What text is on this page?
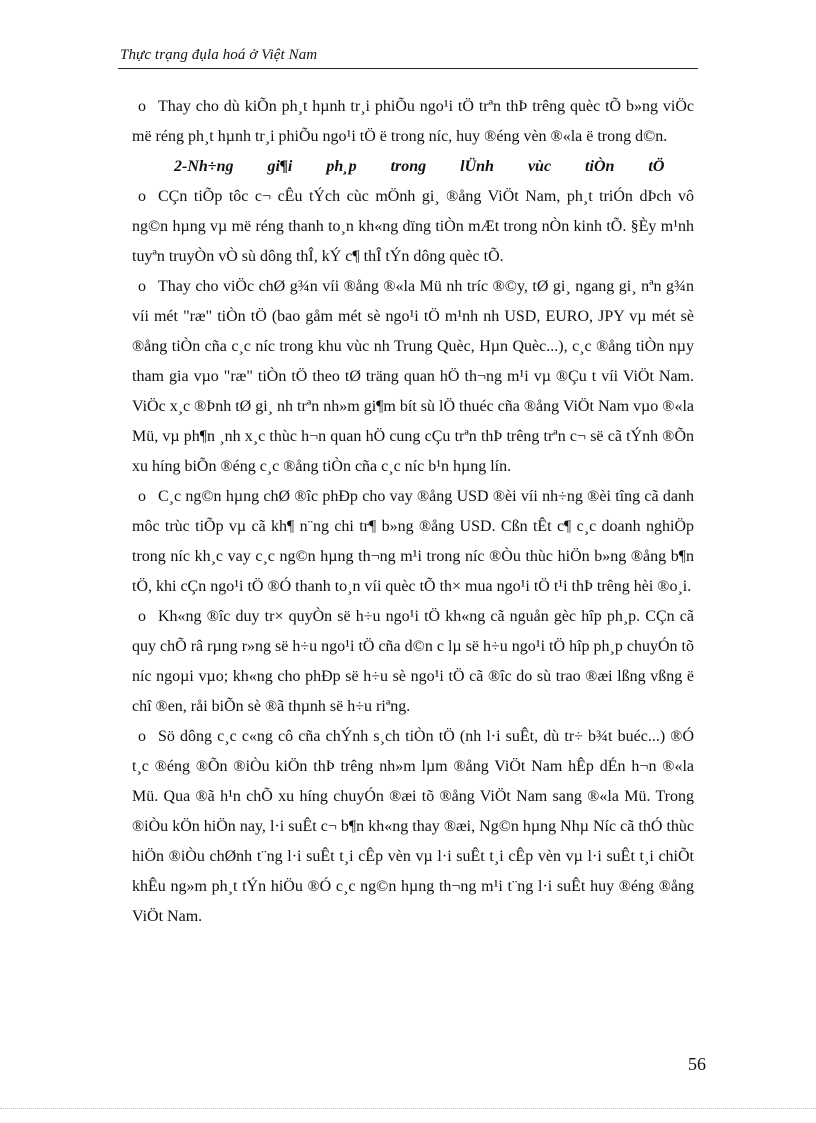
Thực trạng đụla hoá ở Việt Nam

o Thay cho dù kiÕn ph¸t hµnh tr¸i phiÕu ngo¹i tÖ trªn thÞ trêng quèc tÕ b»ng viÖc më réng ph¸t hµnh tr¸i phiÕu ngo¹i tÖ ë trong níc, huy ®éng vèn ®«la ë trong d©n.

2-Nh÷ng gi¶i ph¸p trong lÜnh vùc tiÒn tÖ

o CÇn tiÕp tôc c¬ cÊu tÝch cùc mÖnh gi¸ ®ång ViÖt Nam, ph¸t triÓn dÞch vô ng©n hµng vµ më réng thanh to¸n kh«ng dïng tiÒn mÆt trong nÒn kinh tÕ. §Èy m¹nh tuyªn truyÒn vÒ sù dông thÎ, kÝ c¶ thÎ tÝn dông quèc tÕ.

o Thay cho viÖc chØ g¾n víi ®ång ®«la Mü nh tríc ®©y, tØ gi¸ ngang gi¸ nªn g¾n víi mét "ræ" tiÒn tÖ (bao gåm mét sè ngo¹i tÖ m¹nh nh USD, EURO, JPY vµ mét sè ®ång tiÒn cña c¸c níc trong khu vùc nh Trung Quèc, Hµn Quèc...), c¸c ®ång tiÒn nµy tham gia vµo "ræ" tiÒn tÖ theo tØ träng quan hÖ th¬ng m¹i vµ ®Çu t víi ViÖt Nam. ViÖc x¸c ®Þnh tØ gi¸ nh trªn nh»m gi¶m bít sù lÖ thuéc cña ®ång ViÖt Nam vµo ®«la Mü, vµ ph¶n ¸nh x¸c thùc h¬n quan hÖ cung cÇu trªn thÞ trêng trªn c¬ së cã tÝnh ®Õn xu híng biÕn ®éng c¸c ®ång tiÒn cña c¸c níc b¹n hµng lín.

o C¸c ng©n hµng chØ ®îc phÐp cho vay ®ång USD ®èi víi nh÷ng ®èi tîng cã danh môc trùc tiÕp vµ cã kh¶ n¨ng chi tr¶ b»ng ®ång USD. Cßn tÊt c¶ c¸c doanh nghiÖp trong níc kh¸c vay c¸c ng©n hµng th¬ng m¹i trong níc ®Òu thùc hiÖn b»ng ®ång b¶n tÖ, khi cÇn ngo¹i tÖ ®Ó thanh to¸n víi quèc tÕ th× mua ngo¹i tÖ t¹i thÞ trêng hèi ®o¸i.

o Kh«ng ®îc duy tr× quyÒn së h÷u ngo¹i tÖ kh«ng cã nguån gèc hîp ph¸p. CÇn cã quy chÕ râ rµng r»ng së h÷u ngo¹i tÖ cña d©n c lµ së h÷u ngo¹i tÖ hîp ph¸p chuyÓn tõ níc ngoµi vµo; kh«ng cho phÐp së h÷u sè ngo¹i tÖ cã ®îc do sù trao ®æi lßng vßng ë chî ®en, råi biÕn sè ®ã thµnh së h÷u riªng.

o Sö dông c¸c c«ng cô cña chÝnh s¸ch tiÒn tÖ (nh l·i suÊt, dù tr÷ b¾t buéc...) ®Ó t¸c ®éng ®Õn ®iÒu kiÖn thÞ trêng nh»m lµm ®ång ViÖt Nam hÊp dÉn h¬n ®«la Mü. Qua ®ã h¹n chÕ xu híng chuyÓn ®æi tõ ®ång ViÖt Nam sang ®«la Mü. Trong ®iÒu kÖn hiÖn nay, l·i suÊt c¬ b¶n kh«ng thay ®æi, Ng©n hµng Nhµ Níc cã thÓ thùc hiÖn ®iÒu chØnh t¨ng l·i suÊt t¸i cÊp vèn vµ l·i suÊt t¸i cÊp vèn vµ l·i suÊt t¸i chiÕt khÊu ng»m ph¸t tÝn hiÖu ®Ó c¸c ng©n hµng th¬ng m¹i t¨ng l·i suÊt huy ®éng ®ång ViÖt Nam.

56
